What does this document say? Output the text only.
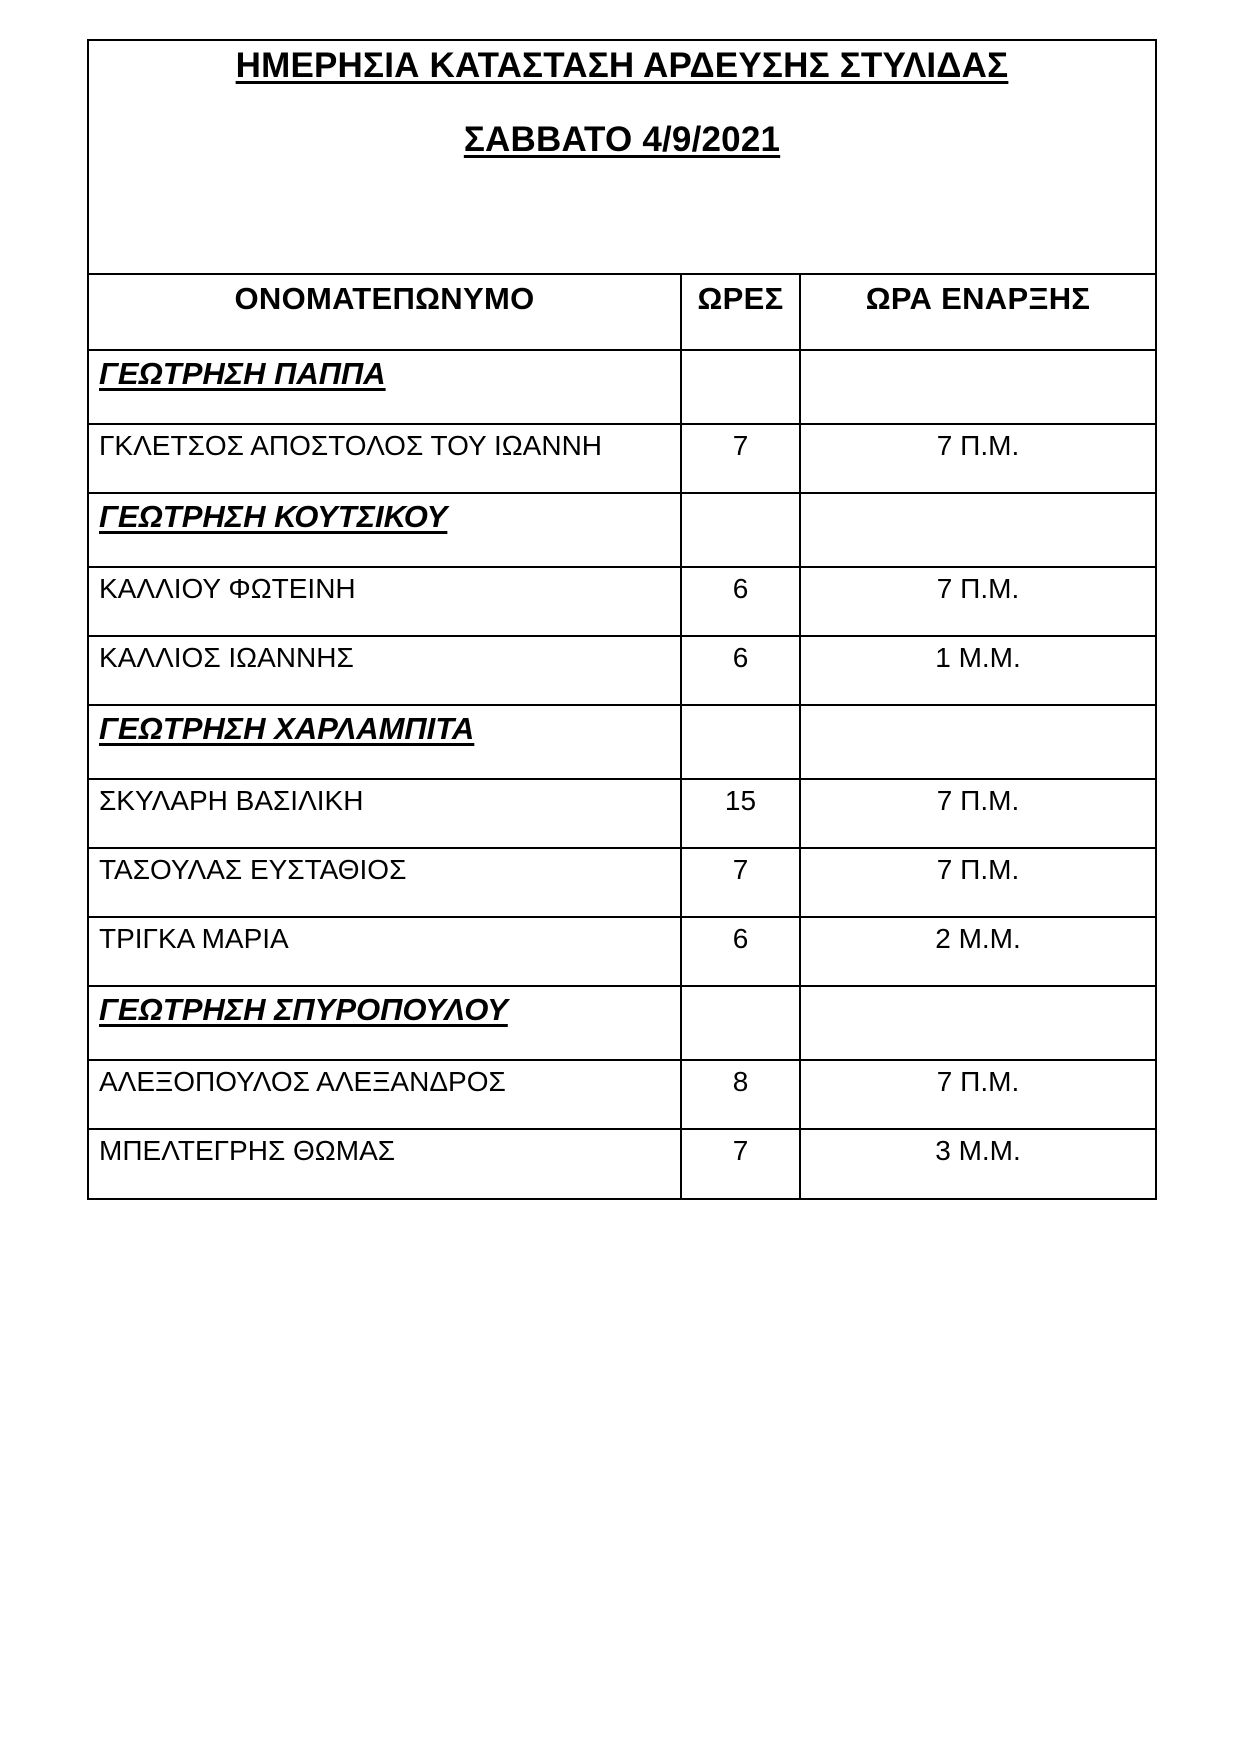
ΗΜΕΡΗΣΙΑ ΚΑΤΑΣΤΑΣΗ ΑΡΔΕΥΣΗΣ ΣΤΥΛΙΔΑΣ
ΣΑΒΒΑΤΟ 4/9/2021
ΟΝΟΜΑΤΕΠΩΝΥΜΟ	ΩΡΕΣ	ΩΡΑ ΕΝΑΡΞΗΣ

ΓΕΩΤΡΗΣΗ ΠΑΠΠΑ		

ΓΚΛΕΤΣΟΣ ΑΠΟΣΤΟΛΟΣ ΤΟΥ ΙΩΑΝΝΗ	7	7 Π.Μ.

ΓΕΩΤΡΗΣΗ ΚΟΥΤΣΙΚΟΥ		

ΚΑΛΛΙΟΥ ΦΩΤΕΙΝΗ	6	7 Π.Μ.

ΚΑΛΛΙΟΣ ΙΩΑΝΝΗΣ	6	1 Μ.Μ.

ΓΕΩΤΡΗΣΗ ΧΑΡΛΑΜΠΙΤΑ		

ΣΚΥΛΑΡΗ ΒΑΣΙΛΙΚΗ	15	7 Π.Μ.

ΤΑΣΟΥΛΑΣ ΕΥΣΤΑΘΙΟΣ	7	7 Π.Μ.

ΤΡΙΓΚΑ ΜΑΡΙΑ	6	2 Μ.Μ.

ΓΕΩΤΡΗΣΗ ΣΠΥΡΟΠΟΥΛΟΥ		

ΑΛΕΞΟΠΟΥΛΟΣ ΑΛΕΞΑΝΔΡΟΣ	8	7 Π.Μ.

ΜΠΕΛΤΕΓΡΗΣ ΘΩΜΑΣ	7	3 Μ.Μ.
